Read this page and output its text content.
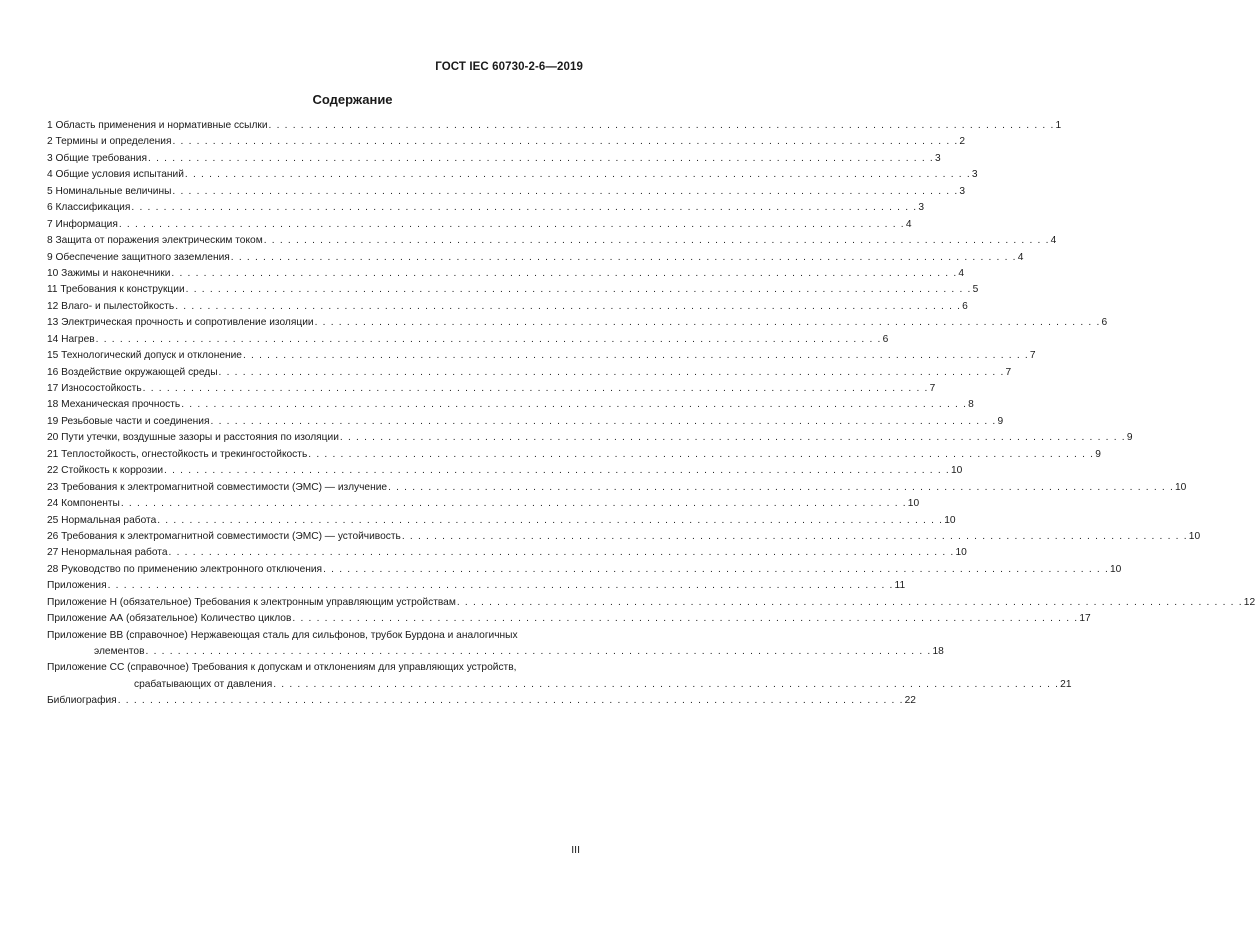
ГОСТ IEC 60730-2-6—2019
Содержание
1 Область применения и нормативные ссылки . . . . . . . . . . . . . . . . . . . . . . . . . . . . . . . . . . . . . . . . . . . . . . . . . . . . . . . . . . . . . . . . . . . . . . . . . . . . . . . . . . . . . . . . . . . . . . . . . . 1
2 Термины и определения . . . . . . . . . . . . . . . . . . . . . . . . . . . . . . . . . . . . . . . . . . . . . . . . . . . . . . . . . . . . . . . . . . . . . . . . . . . . . . . . . . . . . . . . . . . . . . . . . . 2
3 Общие требования . . . . . . . . . . . . . . . . . . . . . . . . . . . . . . . . . . . . . . . . . . . . . . . . . . . . . . . . . . . . . . . . . . . . . . . . . . . . . . . . . . . . . . . . . . . . . . . . . . 3
4 Общие условия испытаний . . . . . . . . . . . . . . . . . . . . . . . . . . . . . . . . . . . . . . . . . . . . . . . . . . . . . . . . . . . . . . . . . . . . . . . . . . . . . . . . . . . . . . . . . . . . . . . . . . 3
5 Номинальные величины . . . . . . . . . . . . . . . . . . . . . . . . . . . . . . . . . . . . . . . . . . . . . . . . . . . . . . . . . . . . . . . . . . . . . . . . . . . . . . . . . . . . . . . . . . . . . . . . . . 3
6 Классификация . . . . . . . . . . . . . . . . . . . . . . . . . . . . . . . . . . . . . . . . . . . . . . . . . . . . . . . . . . . . . . . . . . . . . . . . . . . . . . . . . . . . . . . . . . . . . . . . . . 3
7 Информация . . . . . . . . . . . . . . . . . . . . . . . . . . . . . . . . . . . . . . . . . . . . . . . . . . . . . . . . . . . . . . . . . . . . . . . . . . . . . . . . . . . . . . . . . . . . . . . . . . 4
8 Защита от поражения электрическим током . . . . . . . . . . . . . . . . . . . . . . . . . . . . . . . . . . . . . . . . . . . . . . . . . . . . . . . . . . . . . . . . . . . . . . . . . . . . . . . . . . . . . . . . . . . . . . . . . . 4
9 Обеспечение защитного заземления . . . . . . . . . . . . . . . . . . . . . . . . . . . . . . . . . . . . . . . . . . . . . . . . . . . . . . . . . . . . . . . . . . . . . . . . . . . . . . . . . . . . . . . . . . . . . . . . . . 4
10 Зажимы и наконечники . . . . . . . . . . . . . . . . . . . . . . . . . . . . . . . . . . . . . . . . . . . . . . . . . . . . . . . . . . . . . . . . . . . . . . . . . . . . . . . . . . . . . . . . . . . . . . . . . . 4
11 Требования к конструкции . . . . . . . . . . . . . . . . . . . . . . . . . . . . . . . . . . . . . . . . . . . . . . . . . . . . . . . . . . . . . . . . . . . . . . . . . . . . . . . . . . . . . . . . . . . . . . . . . . 5
12 Влаго- и пылестойкость . . . . . . . . . . . . . . . . . . . . . . . . . . . . . . . . . . . . . . . . . . . . . . . . . . . . . . . . . . . . . . . . . . . . . . . . . . . . . . . . . . . . . . . . . . . . . . . . . . 6
13 Электрическая прочность и сопротивление изоляции . . . . . . . . . . . . . . . . . . . . . . . . . . . . . . . . . . . . . . . . . . . . . . . . . . . . . . . . . . . . . . . . . . . . . . . . . . . . . . . . . . . . . . . . . . . . . . . . . . 6
14 Нагрев . . . . . . . . . . . . . . . . . . . . . . . . . . . . . . . . . . . . . . . . . . . . . . . . . . . . . . . . . . . . . . . . . . . . . . . . . . . . . . . . . . . . . . . . . . . . . . . . . . 6
15 Технологический допуск и отклонение . . . . . . . . . . . . . . . . . . . . . . . . . . . . . . . . . . . . . . . . . . . . . . . . . . . . . . . . . . . . . . . . . . . . . . . . . . . . . . . . . . . . . . . . . . . . . . . . . . 7
16 Воздействие окружающей среды . . . . . . . . . . . . . . . . . . . . . . . . . . . . . . . . . . . . . . . . . . . . . . . . . . . . . . . . . . . . . . . . . . . . . . . . . . . . . . . . . . . . . . . . . . . . . . . . . . 7
17 Износостойкость . . . . . . . . . . . . . . . . . . . . . . . . . . . . . . . . . . . . . . . . . . . . . . . . . . . . . . . . . . . . . . . . . . . . . . . . . . . . . . . . . . . . . . . . . . . . . . . . . . 7
18 Механическая прочность . . . . . . . . . . . . . . . . . . . . . . . . . . . . . . . . . . . . . . . . . . . . . . . . . . . . . . . . . . . . . . . . . . . . . . . . . . . . . . . . . . . . . . . . . . . . . . . . . . 8
19 Резьбовые части и соединения . . . . . . . . . . . . . . . . . . . . . . . . . . . . . . . . . . . . . . . . . . . . . . . . . . . . . . . . . . . . . . . . . . . . . . . . . . . . . . . . . . . . . . . . . . . . . . . . . . 9
20 Пути утечки, воздушные зазоры и расстояния по изоляции . . . . . . . . . . . . . . . . . . . . . . . . . . . . . . . . . . . . . . . . . . . . . . . . . . . . . . . . . . . . . . . . . . . . . . . . . . . . . . . . . . . . . . . . . . . . . . . . . . 9
21 Теплостойкость, огнестойкость и трекингостойкость . . . . . . . . . . . . . . . . . . . . . . . . . . . . . . . . . . . . . . . . . . . . . . . . . . . . . . . . . . . . . . . . . . . . . . . . . . . . . . . . . . . . . . . . . . . . . . . . . . 9
22 Стойкость к коррозии . . . . . . . . . . . . . . . . . . . . . . . . . . . . . . . . . . . . . . . . . . . . . . . . . . . . . . . . . . . . . . . . . . . . . . . . . . . . . . . . . . . . . . . . . . . . . . . . . . 10
23 Требования к электромагнитной совместимости (ЭМС) — излучение . . . . . . . . . . . . . . . . . . . . . . . . . . . . . . . . . . . . . . . . . . . . . . . . . . . . . . . . . . . . . . . . . . . . . . . . . . . . . . . . . . . . . . . . . . . . . . . . . . 10
24 Компоненты . . . . . . . . . . . . . . . . . . . . . . . . . . . . . . . . . . . . . . . . . . . . . . . . . . . . . . . . . . . . . . . . . . . . . . . . . . . . . . . . . . . . . . . . . . . . . . . . . . 10
25 Нормальная работа . . . . . . . . . . . . . . . . . . . . . . . . . . . . . . . . . . . . . . . . . . . . . . . . . . . . . . . . . . . . . . . . . . . . . . . . . . . . . . . . . . . . . . . . . . . . . . . . . . 10
26 Требования к электромагнитной совместимости (ЭМС) — устойчивость . . . . . . . . . . . . . . . . . . . . . . . . . . . . . . . . . . . . . . . . . . . . . . . . . . . . . . . . . . . . . . . . . . . . . . . . . . . . . . . . . . . . . . . . . . . . . . . . . . 10
27 Ненормальная работа . . . . . . . . . . . . . . . . . . . . . . . . . . . . . . . . . . . . . . . . . . . . . . . . . . . . . . . . . . . . . . . . . . . . . . . . . . . . . . . . . . . . . . . . . . . . . . . . . . 10
28 Руководство по применению электронного отключения . . . . . . . . . . . . . . . . . . . . . . . . . . . . . . . . . . . . . . . . . . . . . . . . . . . . . . . . . . . . . . . . . . . . . . . . . . . . . . . . . . . . . . . . . . . . . . . . . . 10
Приложения . . . . . . . . . . . . . . . . . . . . . . . . . . . . . . . . . . . . . . . . . . . . . . . . . . . . . . . . . . . . . . . . . . . . . . . . . . . . . . . . . . . . . . . . . . . . . . . . . . 11
Приложение Н (обязательное) Требования к электронным управляющим устройствам . . . . . . . . . . . . . . . . . . . . . . . . . . . . . . . . . . . . . . . . . . . . . . . . . . . . . . . . . . . . . . . . . . . . . . . . . . . . . . . . . . . . . . . . . . . . . . . . . . 12
Приложение АА (обязательное) Количество циклов . . . . . . . . . . . . . . . . . . . . . . . . . . . . . . . . . . . . . . . . . . . . . . . . . . . . . . . . . . . . . . . . . . . . . . . . . . . . . . . . . . . . . . . . . . . . . . . . . . 17
Приложение ВВ (справочное) Нержавеющая сталь для сильфонов, трубок Бурдона и аналогичных
элементов . . . . . . . . . . . . . . . . . . . . . . . . . . . . . . . . . . . . . . . . . . . . . . . . . . . . . . . . . . . . . . . . . . . . . . . . . . . . . . . . . . . . . . . . . . . . . . . . . . 18
Приложение СС (справочное) Требования к допускам и отклонениям для управляющих устройств,
срабатывающих от давления . . . . . . . . . . . . . . . . . . . . . . . . . . . . . . . . . . . . . . . . . . . . . . . . . . . . . . . . . . . . . . . . . . . . . . . . . . . . . . . . . . . . . . . . . . . . . . . . . . 21
Библиография . . . . . . . . . . . . . . . . . . . . . . . . . . . . . . . . . . . . . . . . . . . . . . . . . . . . . . . . . . . . . . . . . . . . . . . . . . . . . . . . . . . . . . . . . . . . . . . . . . 22
III
